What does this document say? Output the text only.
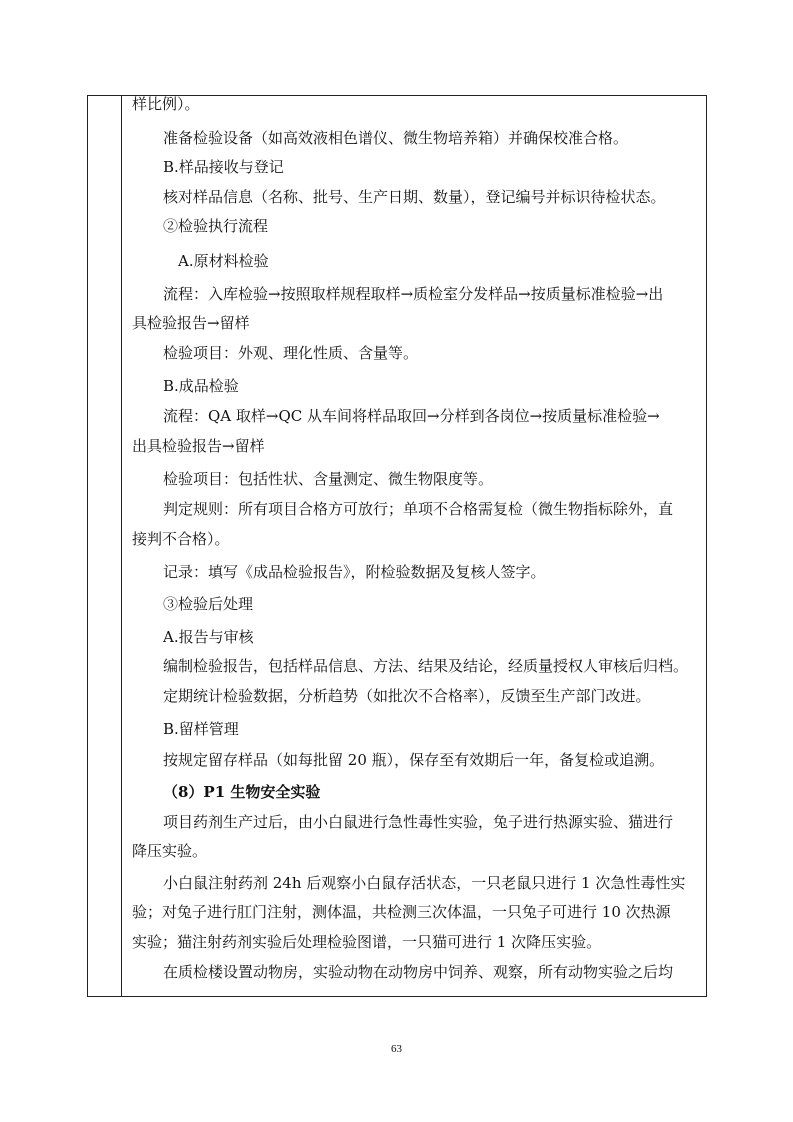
样比例）。
准备检验设备（如高效液相色谱仪、微生物培养箱）并确保校准合格。
B.样品接收与登记
核对样品信息（名称、批号、生产日期、数量），登记编号并标识待检状态。
②检验执行流程
A.原材料检验
流程：入库检验→按照取样规程取样→质检室分发样品→按质量标准检验→出
具检验报告→留样
检验项目：外观、理化性质、含量等。
B.成品检验
流程：QA 取样→QC 从车间将样品取回→分样到各岗位→按质量标准检验→
出具检验报告→留样
检验项目：包括性状、含量测定、微生物限度等。
判定规则：所有项目合格方可放行；单项不合格需复检（微生物指标除外，直
接判不合格）。
记录：填写《成品检验报告》，附检验数据及复核人签字。
③检验后处理
A.报告与审核
编制检验报告，包括样品信息、方法、结果及结论，经质量授权人审核后归档。
定期统计检验数据，分析趋势（如批次不合格率），反馈至生产部门改进。
B.留样管理
按规定留存样品（如每批留 20 瓶），保存至有效期后一年，备复检或追溯。
（8）P1 生物安全实验
项目药剂生产过后，由小白鼠进行急性毒性实验，兔子进行热源实验、猫进行
降压实验。
小白鼠注射药剂 24h 后观察小白鼠存活状态，一只老鼠只进行 1 次急性毒性实
验；对兔子进行肛门注射，测体温，共检测三次体温，一只兔子可进行 10 次热源
实验；猫注射药剂实验后处理检验图谱，一只猫可进行 1 次降压实验。
在质检楼设置动物房，实验动物在动物房中饲养、观察，所有动物实验之后均
63
